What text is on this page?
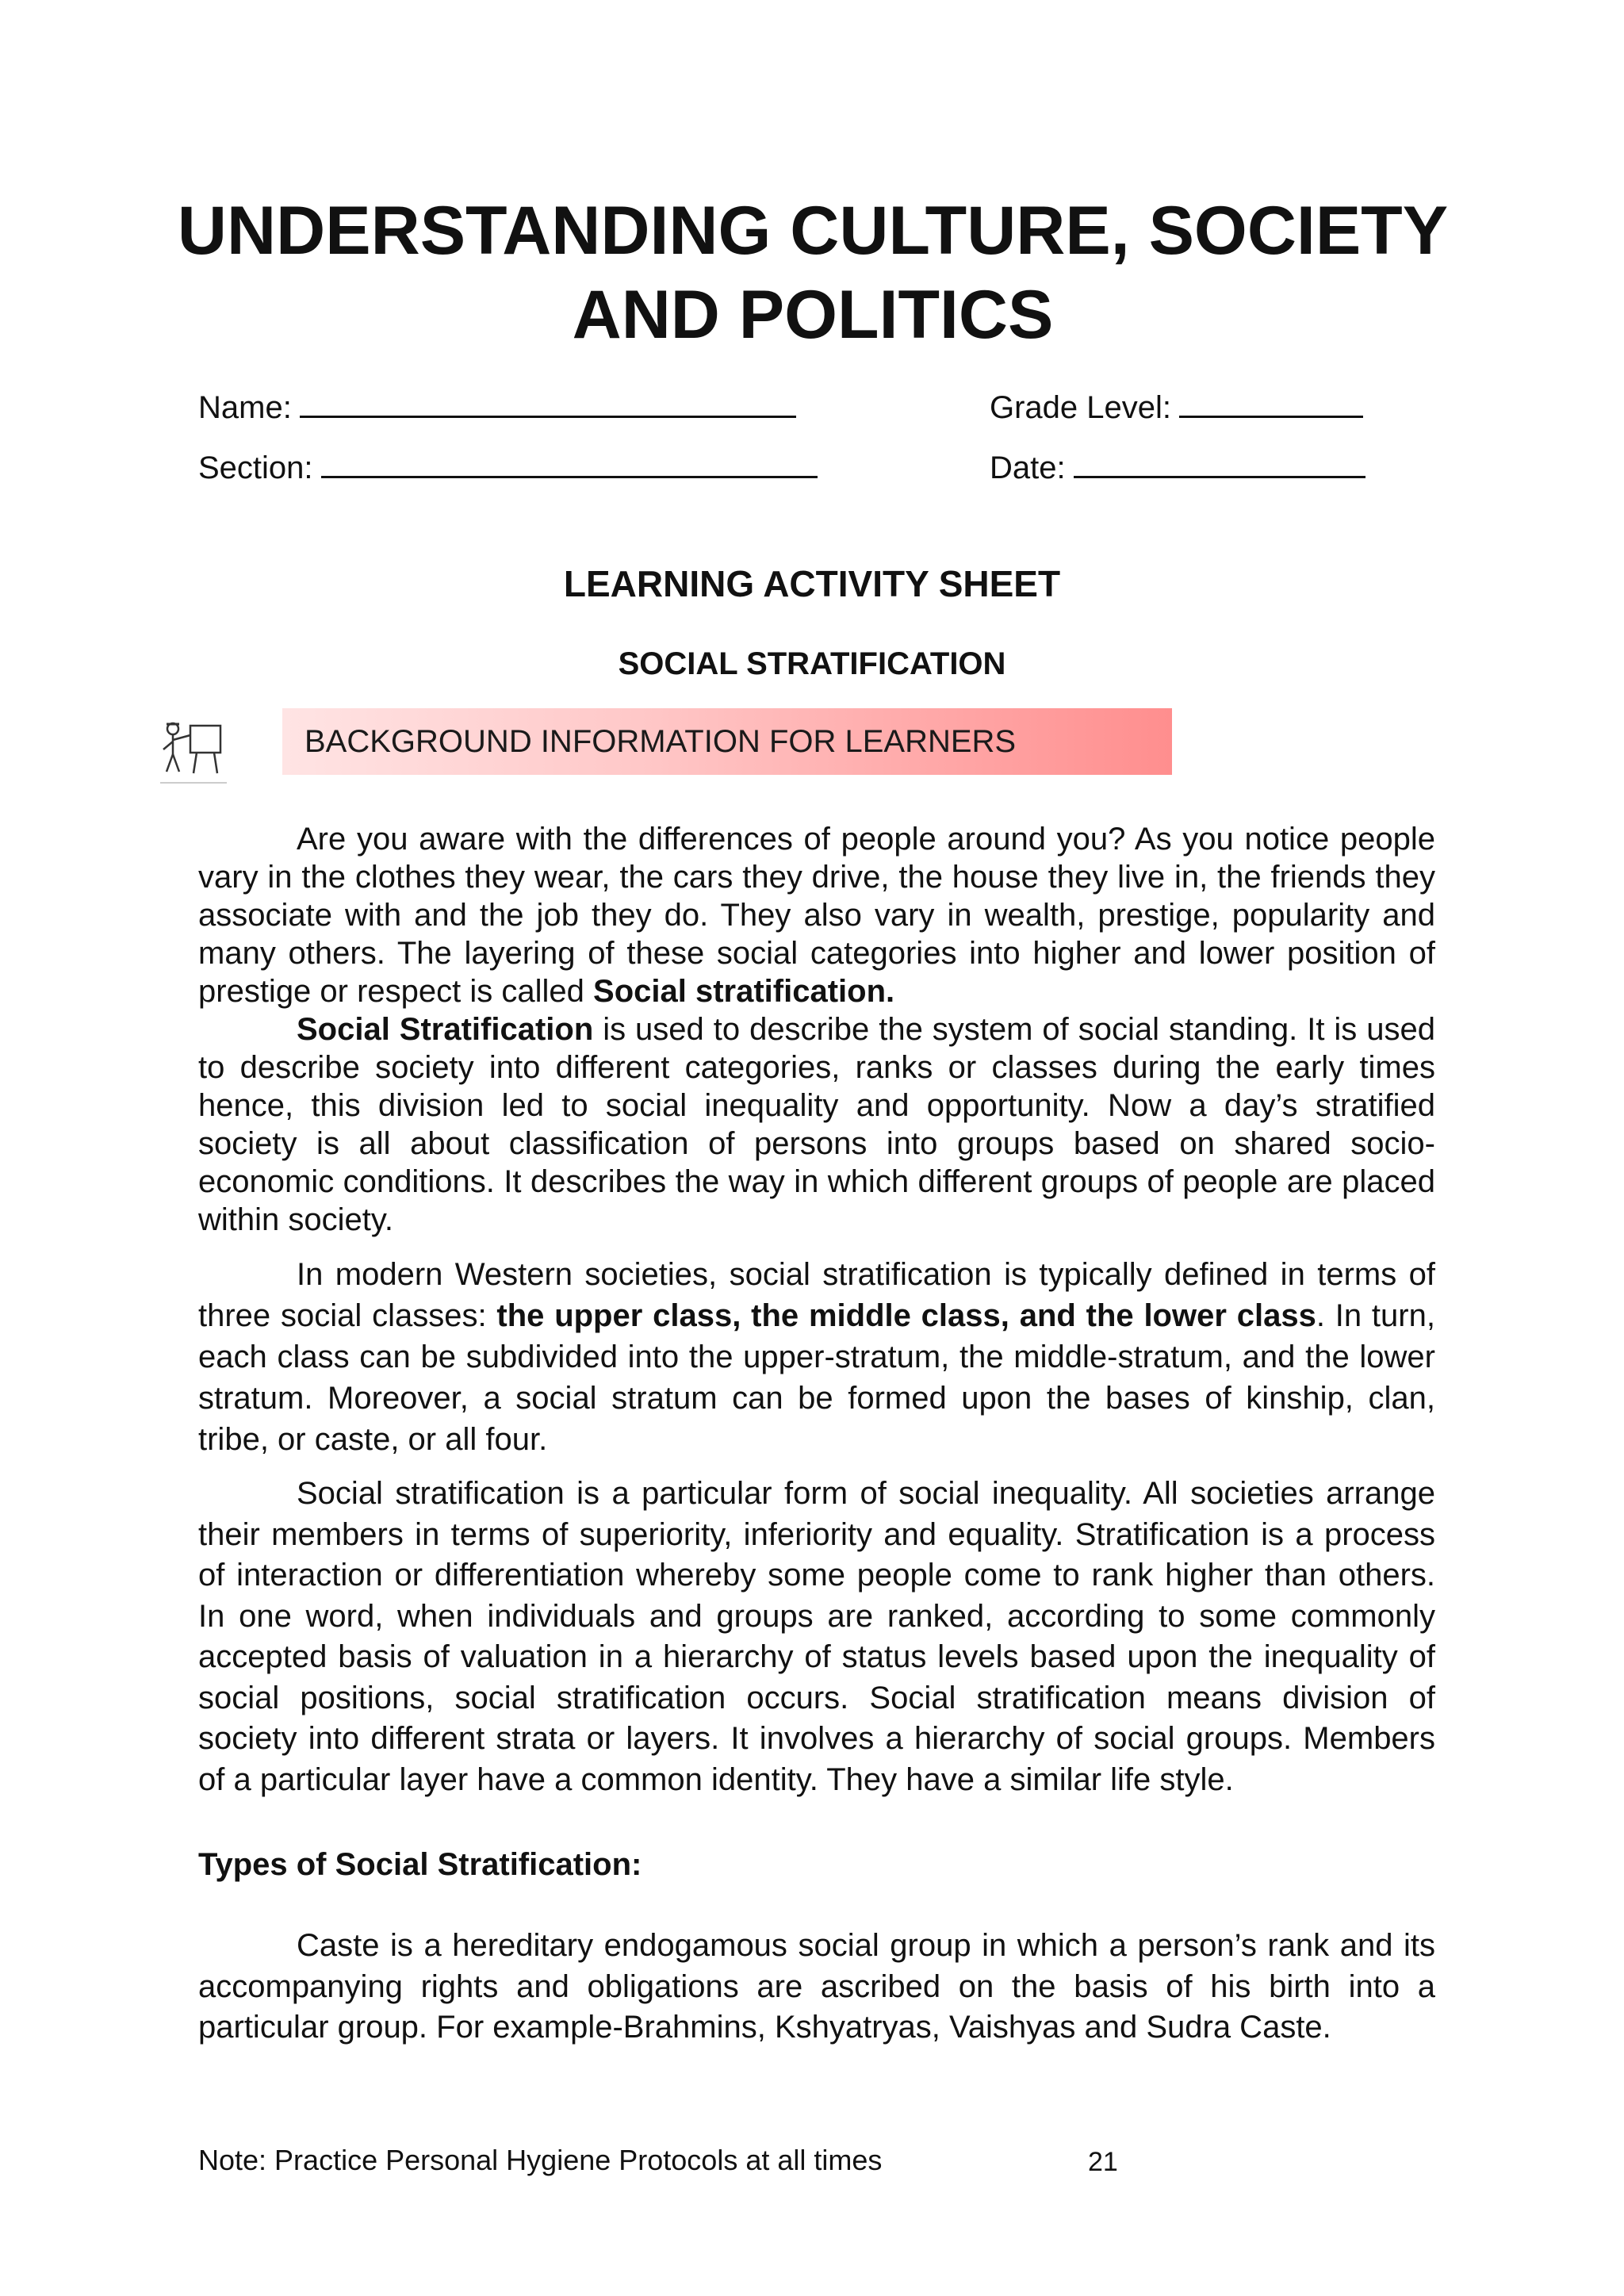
UNDERSTANDING CULTURE, SOCIETY
AND POLITICS
Name:	Grade Level:
Section:	Date:
LEARNING ACTIVITY SHEET
SOCIAL STRATIFICATION
BACKGROUND INFORMATION FOR LEARNERS

Are you aware with the differences of people around you? As you notice people vary in the clothes they wear, the cars they drive, the house they live in, the friends they associate with and the job they do. They also vary in wealth, prestige, popularity and many others. The layering of these social categories into higher and lower position of prestige or respect is called Social stratification.

Social Stratification is used to describe the system of social standing. It is used to describe society into different categories, ranks or classes during the early times hence, this division led to social inequality and opportunity. Now a day’s stratified society is all about classification of persons into groups based on shared socio-economic conditions. It describes the way in which different groups of people are placed within society.

In modern Western societies, social stratification is typically defined in terms of three social classes: the upper class, the middle class, and the lower class. In turn, each class can be subdivided into the upper-stratum, the middle-stratum, and the lower stratum. Moreover, a social stratum can be formed upon the bases of kinship, clan, tribe, or caste, or all four.

Social stratification is a particular form of social inequality. All societies arrange their members in terms of superiority, inferiority and equality. Stratification is a process of interaction or differentiation whereby some people come to rank higher than others. In one word, when individuals and groups are ranked, according to some commonly accepted basis of valuation in a hierarchy of status levels based upon the inequality of social positions, social stratification occurs. Social stratification means division of society into different strata or layers. It involves a hierarchy of social groups. Members of a particular layer have a common identity. They have a similar life style.

Types of Social Stratification:

Caste is a hereditary endogamous social group in which a person’s rank and its accompanying rights and obligations are ascribed on the basis of his birth into a particular group. For example-Brahmins, Kshyatryas, Vaishyas and Sudra Caste.

Note: Practice Personal Hygiene Protocols at all times	21
